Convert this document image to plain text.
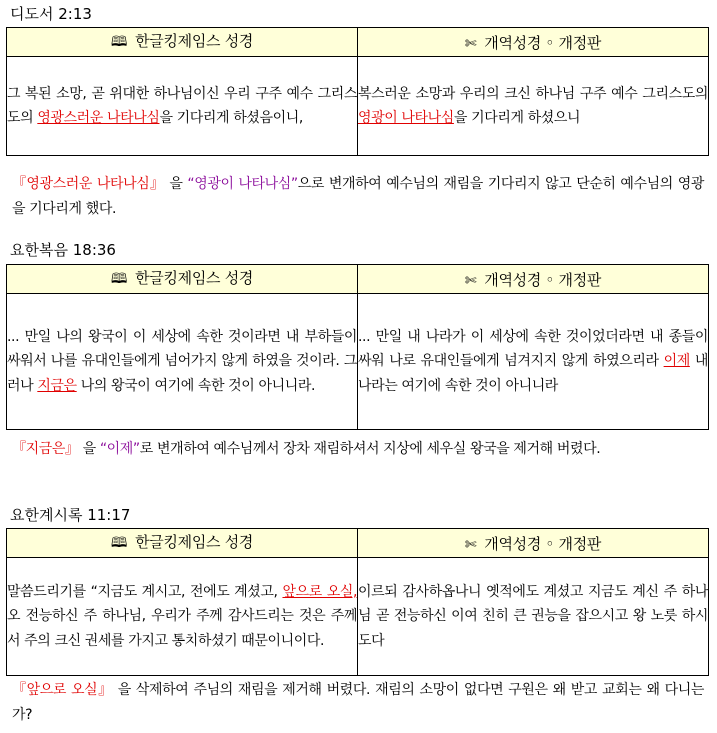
디도서 2:13
🕮 한글킹제임스 성경	✄ 개역성경 ◦ 개정판
그 복된 소망, 곧 위대한 하나님이신 우리 구주 예수 그리스도의 영광스러운 나타나심을 기다리게 하셨음이니,	복스러운 소망과 우리의 크신 하나님 구주 예수 그리스도의 영광이 나타나심을 기다리게 하셨으니
『영광스러운 나타나심』 을 “영광이 나타나심”으로 변개하여 예수님의 재림을 기다리지 않고 단순히 예수님의 영광을 기다리게 했다.
요한복음 18:36
🕮 한글킹제임스 성경	✄ 개역성경 ◦ 개정판
... 만일 나의 왕국이 이 세상에 속한 것이라면 내 부하들이 싸워서 나를 유대인들에게 넘어가지 않게 하였을 것이라. 그러나 지금은 나의 왕국이 여기에 속한 것이 아니니라.	... 만일 내 나라가 이 세상에 속한 것이었더라면 내 종들이 싸워 나로 유대인들에게 넘겨지지 않게 하였으리라 이제 내 나라는 여기에 속한 것이 아니니라
『지금은』 을 “이제”로 변개하여 예수님께서 장차 재림하셔서 지상에 세우실 왕국을 제거해 버렸다.
요한계시록 11:17
🕮 한글킹제임스 성경	✄ 개역성경 ◦ 개정판
말씀드리기를 “지금도 계시고, 전에도 계셨고, 앞으로 오실, 오 전능하신 주 하나님, 우리가 주께 감사드리는 것은 주께서 주의 크신 권세를 가지고 통치하셨기 때문이니이다.	이르되 감사하옵나니 옛적에도 계셨고 지금도 계신 주 하나님 곧 전능하신 이여 친히 큰 권능을 잡으시고 왕 노릇 하시도다
『앞으로 오실』 을 삭제하여 주님의 재림을 제거해 버렸다. 재림의 소망이 없다면 구원은 왜 받고 교회는 왜 다니는가?
